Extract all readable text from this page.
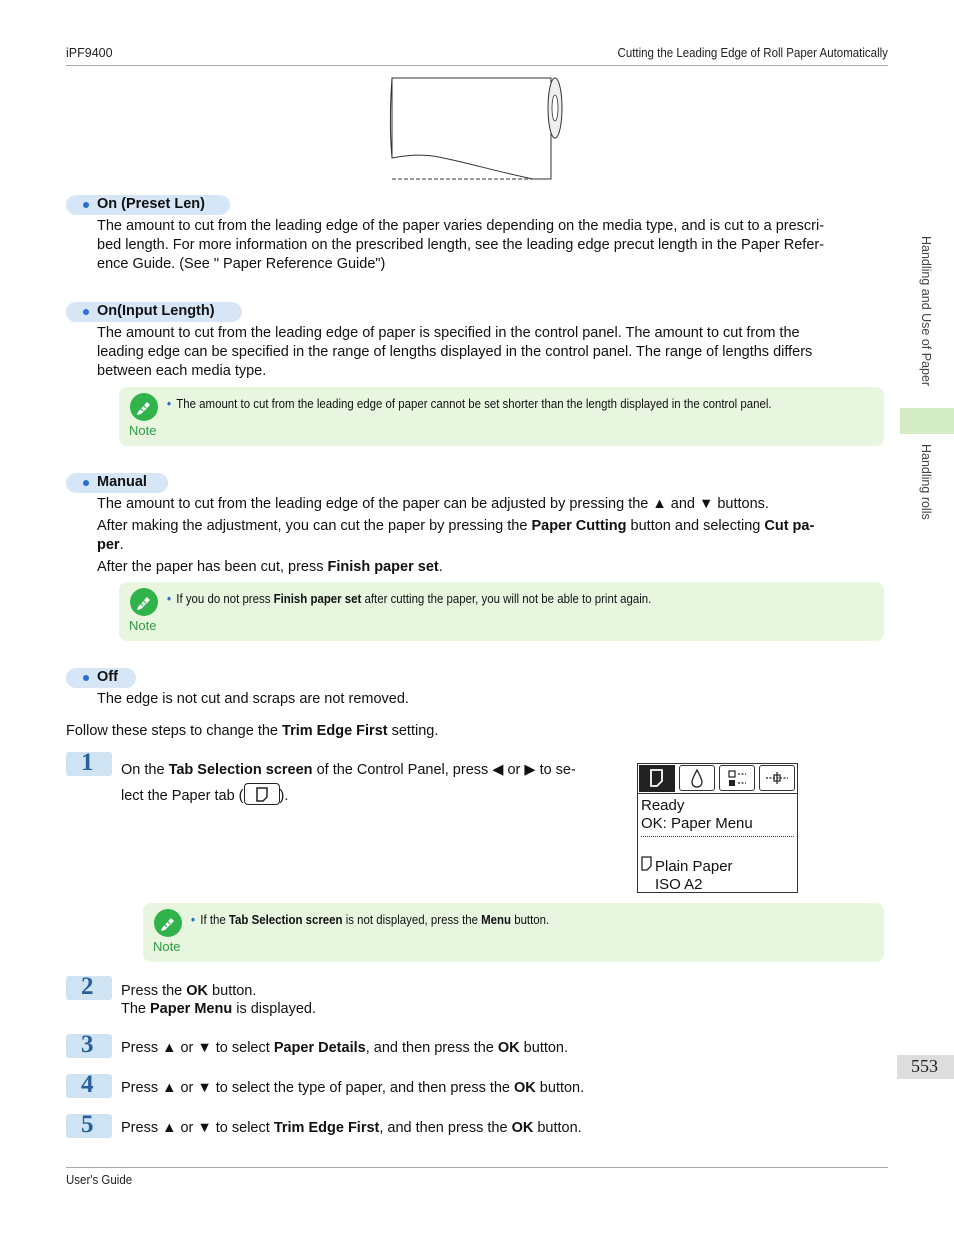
iPF9400	Cutting the Leading Edge of Roll Paper Automatically
Handling and Use of Paper
Handling rolls
553
On (Preset Len)
The amount to cut from the leading edge of the paper varies depending on the media type, and is cut to a prescri-
bed length. For more information on the prescribed length, see the leading edge precut length in the Paper Refer-
ence Guide. (See " Paper Reference Guide")
On(Input Length)
The amount to cut from the leading edge of paper is specified in the control panel. The amount to cut from the
leading edge can be specified in the range of lengths displayed in the control panel. The range of lengths differs
between each media type.
Note
• The amount to cut from the leading edge of paper cannot be set shorter than the length displayed in the control panel.
Manual
The amount to cut from the leading edge of the paper can be adjusted by pressing the ▲ and ▼ buttons.
After making the adjustment, you can cut the paper by pressing the Paper Cutting button and selecting Cut pa-
per.
After the paper has been cut, press Finish paper set.
Note
• If you do not press Finish paper set after cutting the paper, you will not be able to print again.
Off
The edge is not cut and scraps are not removed.
Follow these steps to change the Trim Edge First setting.
1 On the Tab Selection screen of the Control Panel, press ◀ or ▶ to se-
lect the Paper tab ( ).
Ready
OK: Paper Menu
Plain Paper
ISO A2
Note
• If the Tab Selection screen is not displayed, press the Menu button.
2 Press the OK button.
The Paper Menu is displayed.
3 Press ▲ or ▼ to select Paper Details, and then press the OK button.
4 Press ▲ or ▼ to select the type of paper, and then press the OK button.
5 Press ▲ or ▼ to select Trim Edge First, and then press the OK button.
User's Guide
